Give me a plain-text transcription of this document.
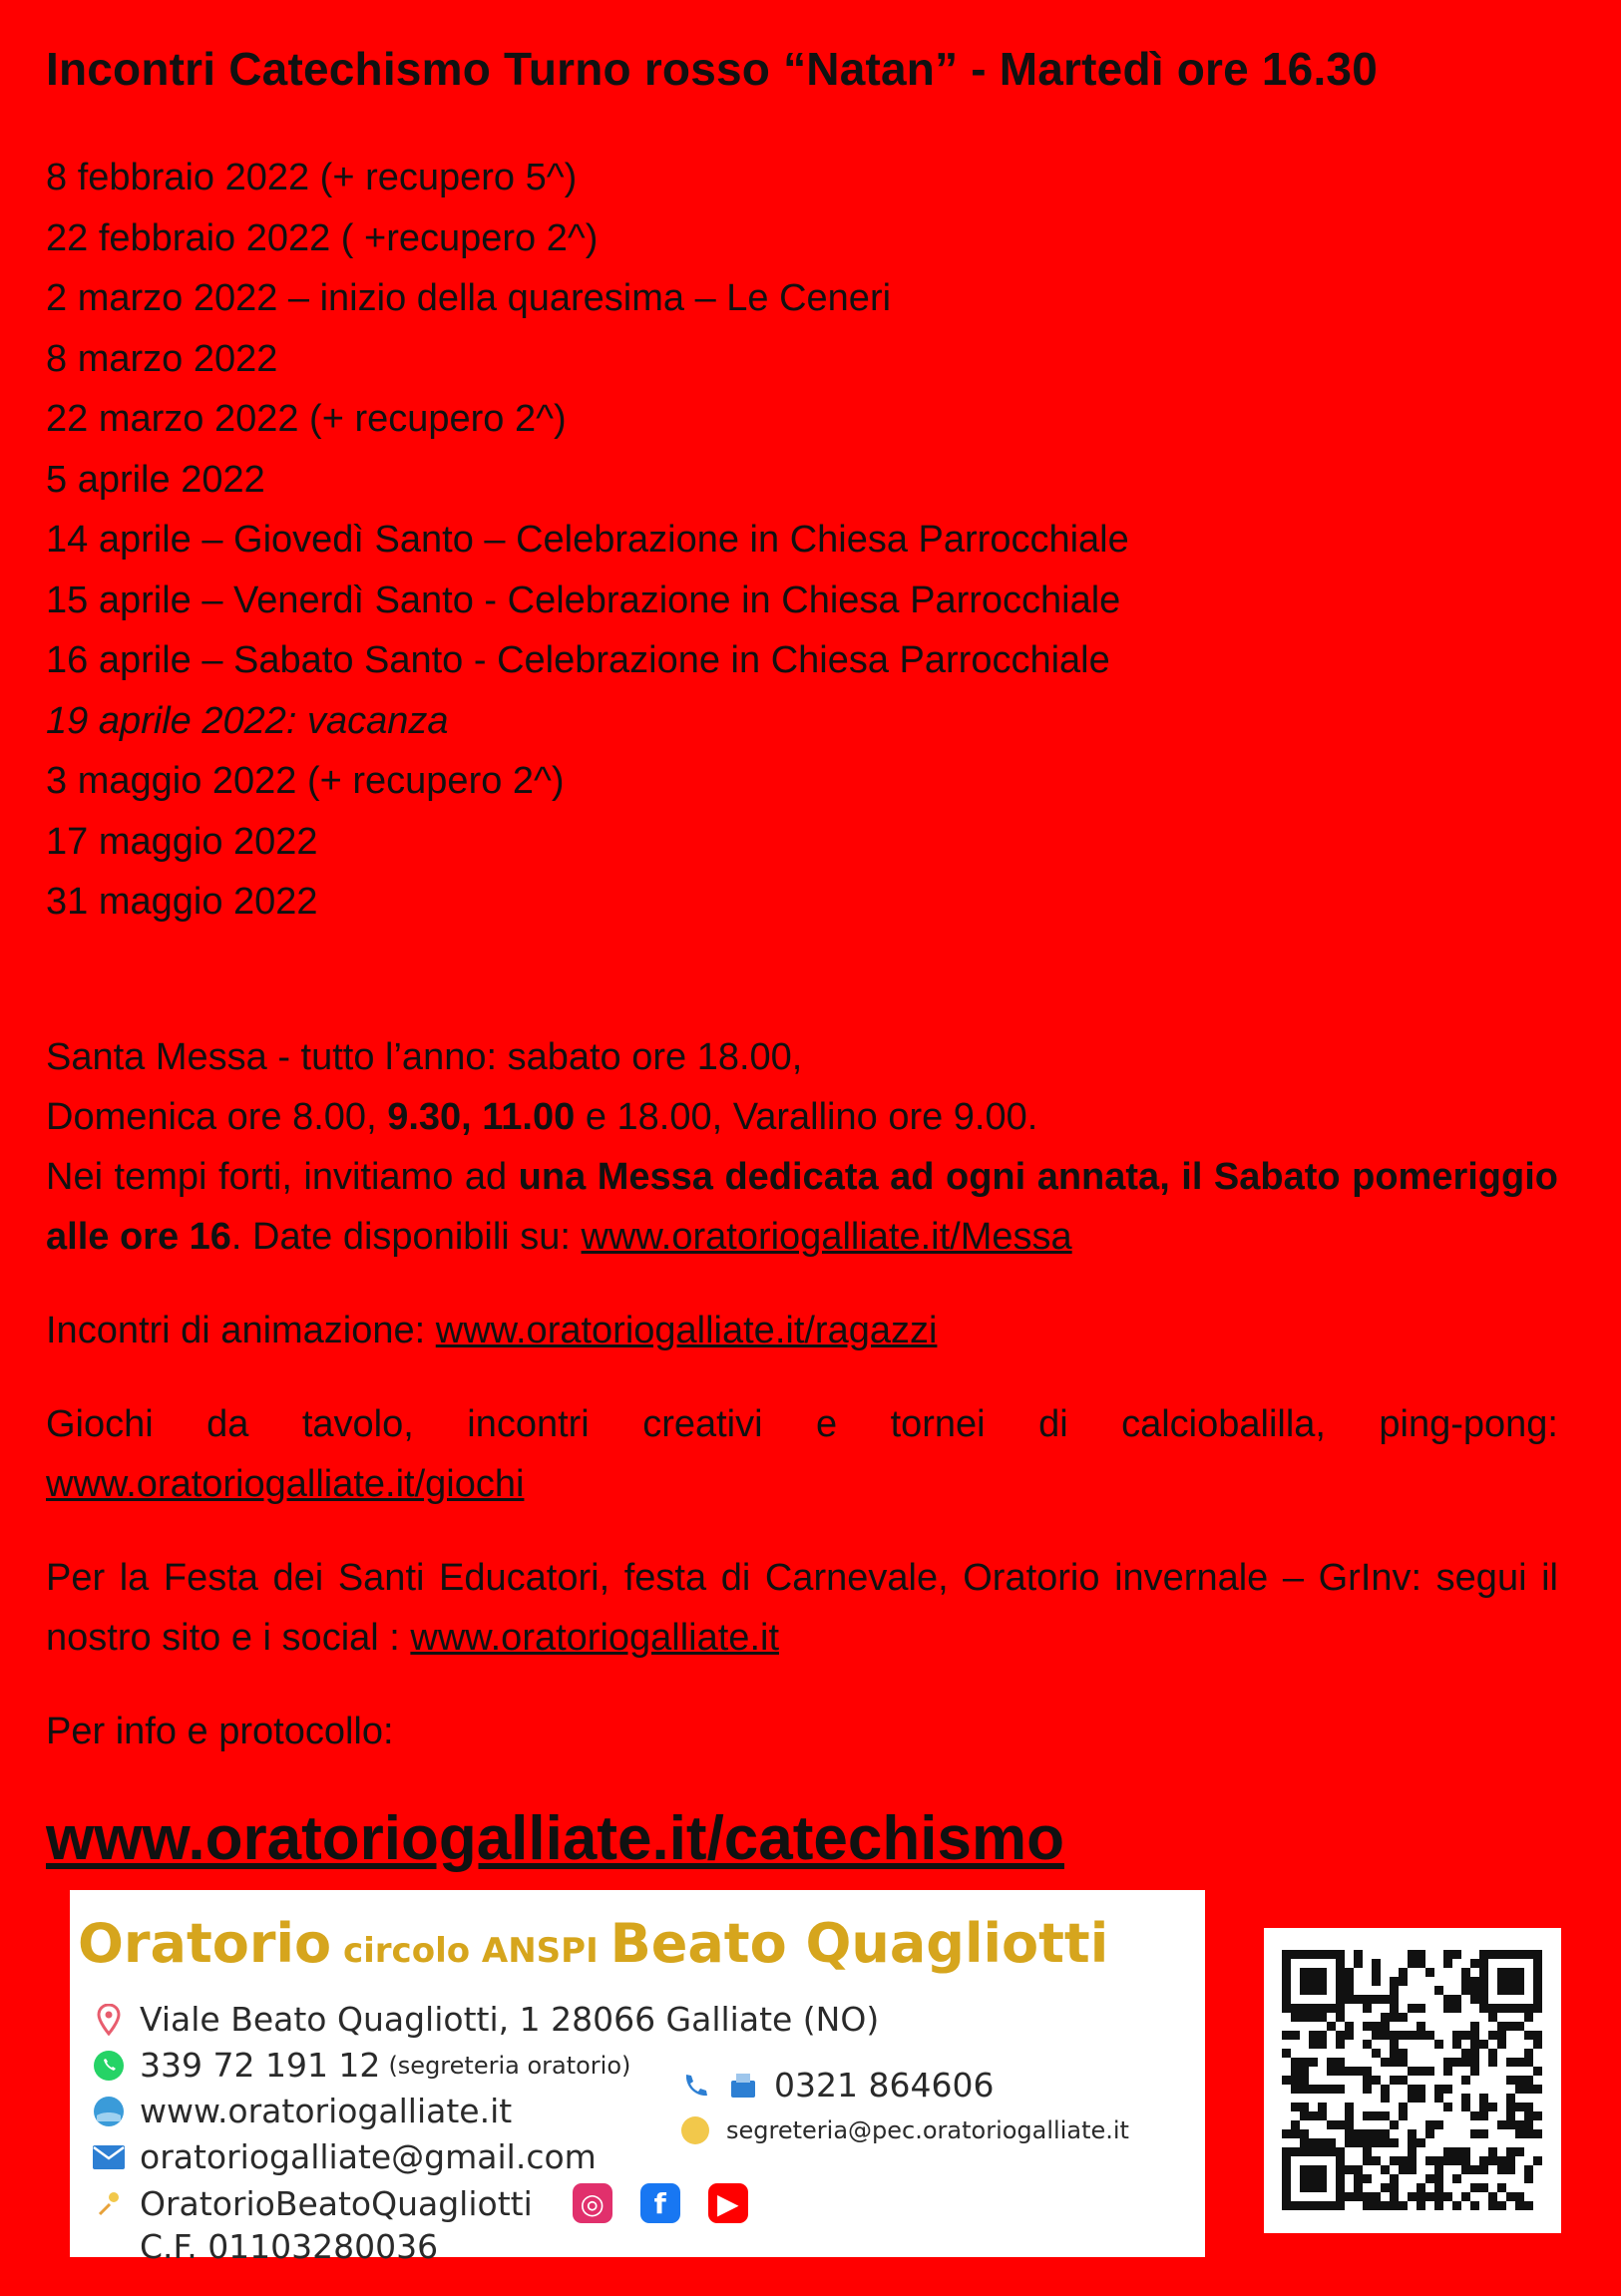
Incontri Catechismo Turno rosso “Natan” - Martedì ore 16.30
8 febbraio 2022 (+ recupero 5^)
22 febbraio 2022 ( +recupero 2^)
2 marzo 2022 – inizio della quaresima – Le Ceneri
8 marzo 2022
22 marzo 2022 (+ recupero 2^)
5 aprile 2022
14 aprile – Giovedì Santo – Celebrazione in Chiesa Parrocchiale
15 aprile – Venerdì Santo - Celebrazione in Chiesa Parrocchiale
16 aprile – Sabato Santo - Celebrazione in Chiesa Parrocchiale
19 aprile 2022: vacanza
3 maggio 2022 (+ recupero 2^)
17 maggio 2022
31 maggio 2022

Santa Messa - tutto l’anno: sabato ore 18.00,

Domenica ore 8.00, 9.30, 11.00 e 18.00, Varallino ore 9.00.

Nei tempi forti, invitiamo ad una Messa dedicata ad ogni annata, il Sabato pomeriggio alle ore 16. Date disponibili su: www.oratoriogalliate.it/Messa

Incontri di animazione: www.oratoriogalliate.it/ragazzi

Giochi da tavolo, incontri creativi e tornei di calciobalilla, ping-pong: www.oratoriogalliate.it/giochi

Per la Festa dei Santi Educatori, festa di Carnevale, Oratorio invernale – GrInv: segui il nostro sito e i social : www.oratoriogalliate.it

Per info e protocollo:

www.oratoriogalliate.it/catechismo
Oratorio circolo ANSPI Beato Quagliotti
Viale Beato Quagliotti, 1 28066 Galliate (NO)
339 72 191 12 (segreteria oratorio)
www.oratoriogalliate.it
oratoriogalliate@gmail.com
OratorioBeatoQuagliotti ◎	f	▶
C.F. 01103280036
0321 864606
segreteria@pec.oratoriogalliate.it
